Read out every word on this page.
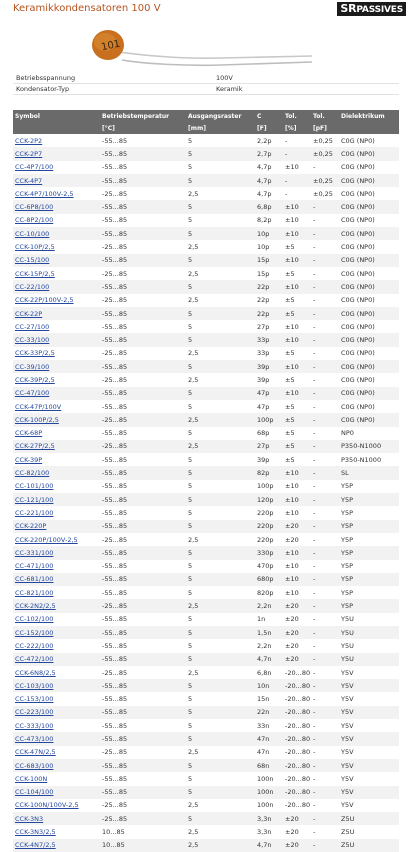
Keramikkondensatoren 100 V	SRPASSIVES
101
Betriebsspannung	100V
Kondensator-Typ	Keramik
Symbol	Betriebstemperatur	Ausgangsraster	C	Tol.	Tol.	Dielektrikum
	[°C]	[mm]	[F]	[%]	[pF]	
CCK-2P2	-55...85	5	2,2p	-	±0,25	C0G (NP0)
CCK-2P7	-55...85	5	2,7p	-	±0,25	C0G (NP0)
CC-4P7/100	-55...85	5	4,7p	±10	-	C0G (NP0)
CCK-4P7	-55...85	5	4,7p	-	±0,25	C0G (NP0)
CCK-4P7/100V-2,5	-25...85	2,5	4,7p	-	±0,25	C0G (NP0)
CC-6P8/100	-55...85	5	6,8p	±10	-	C0G (NP0)
CC-8P2/100	-55...85	5	8,2p	±10	-	C0G (NP0)
CC-10/100	-55...85	5	10p	±10	-	C0G (NP0)
CCK-10P/2,5	-25...85	2,5	10p	±5	-	C0G (NP0)
CC-15/100	-55...85	5	15p	±10	-	C0G (NP0)
CCK-15P/2,5	-25...85	2,5	15p	±5	-	C0G (NP0)
CC-22/100	-55...85	5	22p	±10	-	C0G (NP0)
CCK-22P/100V-2,5	-25...85	2,5	22p	±5	-	C0G (NP0)
CCK-22P	-55...85	5	22p	±5	-	C0G (NP0)
CC-27/100	-55...85	5	27p	±10	-	C0G (NP0)
CC-33/100	-55...85	5	33p	±10	-	C0G (NP0)
CCK-33P/2,5	-25...85	2,5	33p	±5	-	C0G (NP0)
CC-39/100	-55...85	5	39p	±10	-	C0G (NP0)
CCK-39P/2,5	-25...85	2,5	39p	±5	-	C0G (NP0)
CC-47/100	-55...85	5	47p	±10	-	C0G (NP0)
CCK-47P/100V	-55...85	5	47p	±5	-	C0G (NP0)
CCK-100P/2,5	-25...85	2,5	100p	±5	-	C0G (NP0)
CCK-68P	-55...85	5	68p	±5	-	NP0
CCK-27P/2,5	-25...85	2,5	27p	±5	-	P350-N1000
CCK-39P	-55...85	5	39p	±5	-	P350-N1000
CC-82/100	-55...85	5	82p	±10	-	SL
CC-101/100	-55...85	5	100p	±10	-	Y5P
CC-121/100	-55...85	5	120p	±10	-	Y5P
CC-221/100	-55...85	5	220p	±10	-	Y5P
CCK-220P	-55...85	5	220p	±20	-	Y5P
CCK-220P/100V-2,5	-25...85	2,5	220p	±20	-	Y5P
CC-331/100	-55...85	5	330p	±10	-	Y5P
CC-471/100	-55...85	5	470p	±10	-	Y5P
CC-681/100	-55...85	5	680p	±10	-	Y5P
CC-821/100	-55...85	5	820p	±10	-	Y5P
CCK-2N2/2,5	-25...85	2,5	2,2n	±20	-	Y5P
CC-102/100	-55...85	5	1n	±20	-	Y5U
CC-152/100	-55...85	5	1,5n	±20	-	Y5U
CC-222/100	-55...85	5	2,2n	±20	-	Y5U
CC-472/100	-55...85	5	4,7n	±20	-	Y5U
CCK-6N8/2,5	-25...85	2,5	6,8n	-20...80	-	Y5V
CC-103/100	-55...85	5	10n	-20...80	-	Y5V
CC-153/100	-55...85	5	15n	-20...80	-	Y5V
CC-223/100	-55...85	5	22n	-20...80	-	Y5V
CC-333/100	-55...85	5	33n	-20...80	-	Y5V
CC-473/100	-55...85	5	47n	-20...80	-	Y5V
CCK-47N/2,5	-25...85	2,5	47n	-20...80	-	Y5V
CC-683/100	-55...85	5	68n	-20...80	-	Y5V
CCK-100N	-55...85	5	100n	-20...80	-	Y5V
CC-104/100	-55...85	5	100n	-20...80	-	Y5V
CCK-100N/100V-2,5	-25...85	2,5	100n	-20...80	-	Y5V
CCK-3N3	-25...85	5	3,3n	±20	-	Z5U
CCK-3N3/2,5	10...85	2,5	3,3n	±20	-	Z5U
CCK-4N7/2,5	10...85	2,5	4,7n	±20	-	Z5U
